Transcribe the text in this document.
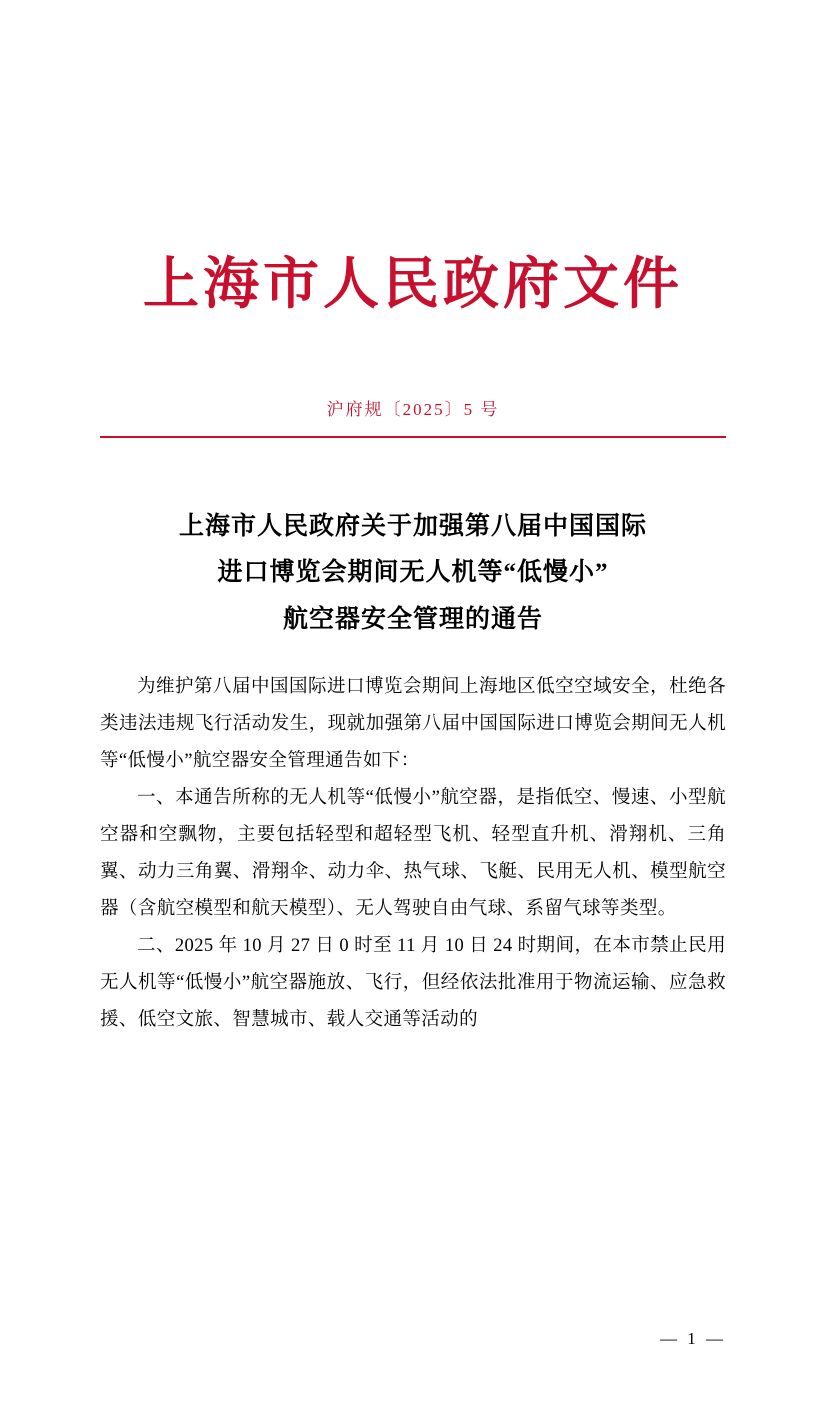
上海市人民政府文件
沪府规〔2025〕5 号
上海市人民政府关于加强第八届中国国际
进口博览会期间无人机等“低慢小”
航空器安全管理的通告

为维护第八届中国国际进口博览会期间上海地区低空空域安全，杜绝各类违法违规飞行活动发生，现就加强第八届中国国际进口博览会期间无人机等“低慢小”航空器安全管理通告如下：

一、本通告所称的无人机等“低慢小”航空器，是指低空、慢速、小型航空器和空飘物，主要包括轻型和超轻型飞机、轻型直升机、滑翔机、三角翼、动力三角翼、滑翔伞、动力伞、热气球、飞艇、民用无人机、模型航空器（含航空模型和航天模型）、无人驾驶自由气球、系留气球等类型。

二、2025 年 10 月 27 日 0 时至 11 月 10 日 24 时期间，在本市禁止民用无人机等“低慢小”航空器施放、飞行，但经依法批准用于物流运输、应急救援、低空文旅、智慧城市、载人交通等活动的

— 1 —
